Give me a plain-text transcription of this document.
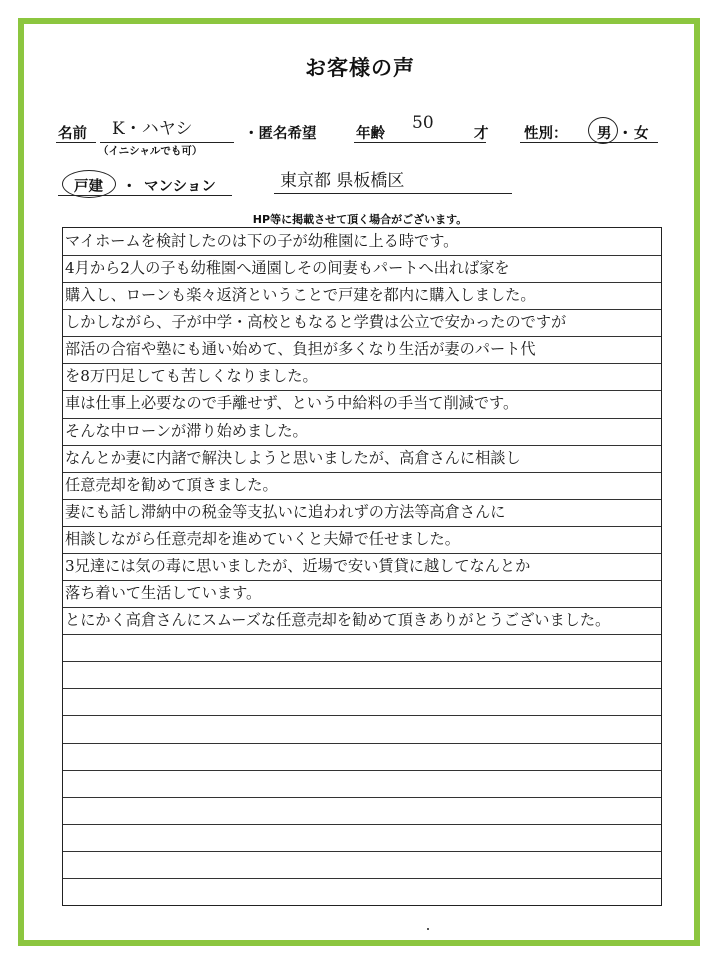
お客様の声
名前 K・ハヤシ
（イニシャルでも可）
・匿名希望	年齢
50
才 性別： 男 ・ 女
戸建 ・ マンション	東京都 県板橋区
HP等に掲載させて頂く場合がございます。
マイホームを検討したのは下の子が幼稚園に上る時です。
4月から2人の子も幼稚園へ通園しその间妻もパートへ出れば家を
購入し、ローンも楽々返済ということで戸建を都内に購入しました。
しかしながら、子が中学・高校ともなると学費は公立で安かったのですが
部活の合宿や塾にも通い始めて、負担が多くなり生活が妻のパート代
を8万円足しても苦しくなりました。
車は仕事上必要なので手離せず、という中給料の手当て削減です。
そんな中ローンが滞り始めました。
なんとか妻に内諸で解決しようと思いましたが、高倉さんに相談し
任意売却を勧めて頂きました。
妻にも話し滞納中の税金等支払いに追われずの方法等高倉さんに
相談しながら任意売却を進めていくと夫婦で任せました。
3兄達には気の毒に思いましたが、近場で安い賃貸に越してなんとか
落ち着いて生活しています。
とにかく高倉さんにスムーズな任意売却を勧めて頂きありがとうございました。
